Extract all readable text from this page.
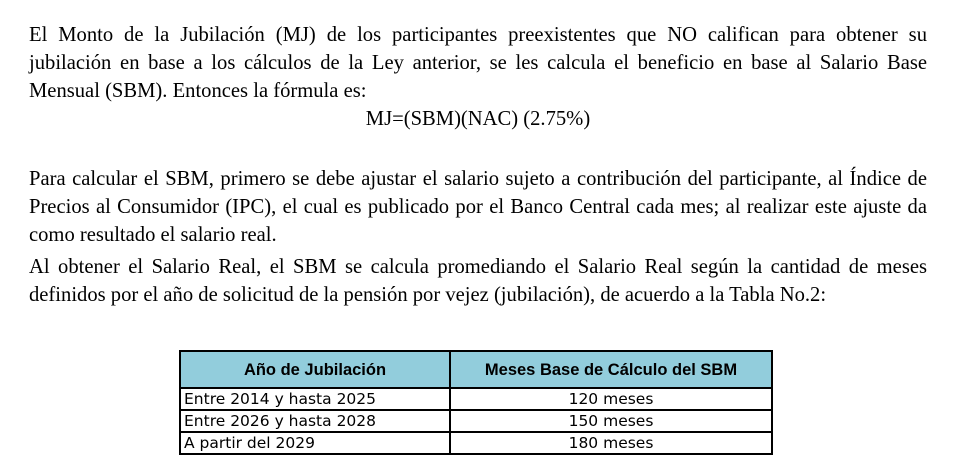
El Monto de la Jubilación (MJ) de los participantes preexistentes que NO califican para obtener su jubilación en base a los cálculos de la Ley anterior, se les calcula el beneficio en base al Salario Base Mensual (SBM). Entonces la fórmula es:

MJ=(SBM)(NAC) (2.75%)

Para calcular el SBM, primero se debe ajustar el salario sujeto a contribución del participante, al Índice de Precios al Consumidor (IPC), el cual es publicado por el Banco Central cada mes; al realizar este ajuste da como resultado el salario real.

Al obtener el Salario Real, el SBM se calcula promediando el Salario Real según la cantidad de meses definidos por el año de solicitud de la pensión por vejez (jubilación), de acuerdo a la Tabla No.2:

Año de Jubilación	Meses Base de Cálculo del SBM
Entre 2014 y hasta 2025	120 meses
Entre 2026 y hasta 2028	150 meses
A partir del 2029	180 meses
